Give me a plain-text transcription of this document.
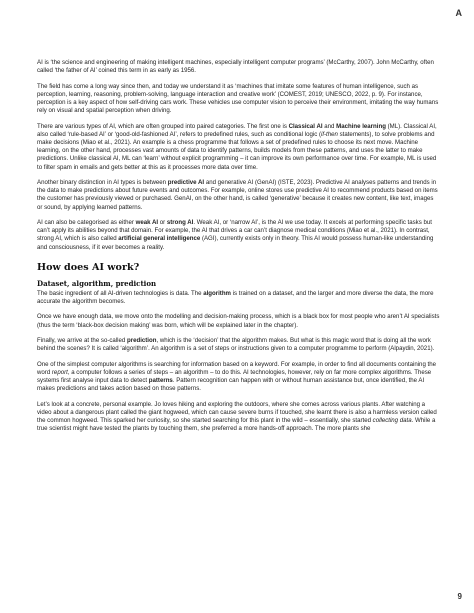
A

AI is ‘the science and engineering of making intelligent machines, especially intelligent computer programs’ (McCarthy, 2007). John McCarthy, often called ‘the father of AI’ coined this term in as early as 1956.

The field has come a long way since then, and today we understand it as ‘machines that imitate some features of human intelligence, such as perception, learning, reasoning, problem-solving, language interaction and creative work’ (COMEST, 2019; UNESCO, 2022, p. 9). For instance, perception is a key aspect of how self-driving cars work. These vehicles use computer vision to perceive their environment, imitating the way humans rely on visual and spatial perception when driving.

There are various types of AI, which are often grouped into paired categories. The first one is Classical AI and Machine learning (ML). Classical AI, also called ‘rule-based AI’ or ‘good-old-fashioned AI’, refers to predefined rules, such as conditional logic (if-then statements), to solve problems and make decisions (Miao et al., 2021). An example is a chess programme that follows a set of predefined rules to choose its next move. Machine learning, on the other hand, processes vast amounts of data to identify patterns, builds models from these patterns, and uses the latter to make predictions. Unlike classical AI, ML can ‘learn’ without explicit programming – it can improve its own performance over time. For example, ML is used to filter spam in emails and gets better at this as it processes more data over time.

Another binary distinction in AI types is between predictive AI and generative AI (GenAI) (ISTE, 2023). Predictive AI analyses patterns and trends in the data to make predictions about future events and outcomes. For example, online stores use predictive AI to recommend products based on items the customer has previously viewed or purchased. GenAI, on the other hand, is called ‘generative’ because it creates new content, like text, images or sound, by applying learned patterns.

AI can also be categorised as either weak AI or strong AI. Weak AI, or ‘narrow AI’, is the AI we use today. It excels at performing specific tasks but can’t apply its abilities beyond that domain. For example, the AI that drives a car can’t diagnose medical conditions (Miao et al., 2021). In contrast, strong AI, which is also called artificial general intelligence (AGI), currently exists only in theory. This AI would possess human-like understanding and consciousness, if it ever becomes a reality.

How does AI work?
Dataset, algorithm, prediction

The basic ingredient of all AI-driven technologies is data. The algorithm is trained on a dataset, and the larger and more diverse the data, the more accurate the algorithm becomes.

Once we have enough data, we move onto the modelling and decision-making process, which is a black box for most people who aren’t AI specialists (thus the term ‘black-box decision making’ was born, which will be explained later in the chapter).

Finally, we arrive at the so-called prediction, which is the ‘decision’ that the algorithm makes. But what is this magic word that is doing all the work behind the scenes? It is called ‘algorithm’. An algorithm is a set of steps or instructions given to a computer programme to perform (Alpaydin, 2021).

One of the simplest computer algorithms is searching for information based on a keyword. For example, in order to find all documents containing the word report, a computer follows a series of steps – an algorithm – to do this. AI technologies, however, rely on far more complex algorithms. These systems first analyse input data to detect patterns. Pattern recognition can happen with or without human assistance but, once identified, the AI makes predictions and takes action based on those patterns.

Let’s look at a concrete, personal example. Jo loves hiking and exploring the outdoors, where she comes across various plants. After watching a video about a dangerous plant called the giant hogweed, which can cause severe burns if touched, she learnt there is also a harmless version called the common hogweed. This sparked her curiosity, so she started searching for this plant in the wild – essentially, she started collecting data. While a true scientist might have tested the plants by touching them, she preferred a more hands-off approach. The more plants she

9
